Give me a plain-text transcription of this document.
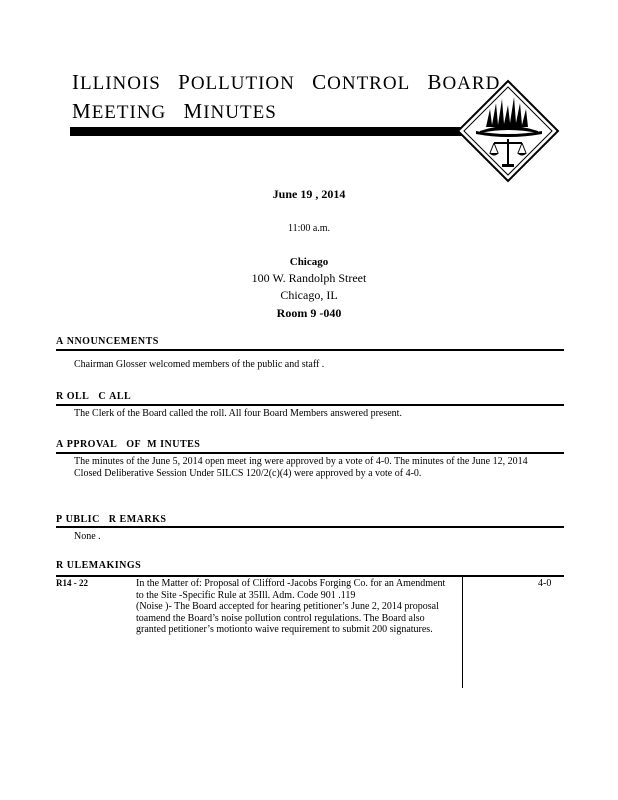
ILLINOIS POLLUTION CONTROL BOARD
MEETING MINUTES
June 19 , 2014
11:00 a.m.
Chicago
100 W. Randolph Street
Chicago, IL
Room 9 -040
A NNOUNCEMENTS
Chairman Glosser welcomed members of the public and staff .
R OLL C ALL
The Clerk of the Board called the roll. All four Board Members answered present.
A PPROVAL OF M INUTES
The minutes of the June 5, 2014 open meet ing were approved by a vote of 4-0. The minutes of the June 12, 2014 Closed Deliberative Session Under 5ILCS 120/2(c)(4) were approved by a vote of 4-0.
P UBLIC R EMARKS
None .
R ULEMAKINGS
R14 - 22	In the Matter of: Proposal of Clifford -Jacobs Forging Co. for an Amendment to the Site -Specific Rule at 35Ill. Adm. Code 901 .119
(Noise )- The Board accepted for hearing petitioner’s June 2, 2014 proposal toamend the Board’s noise pollution control regulations. The Board also granted petitioner’s motionto waive requirement to submit 200 signatures.
4-0
